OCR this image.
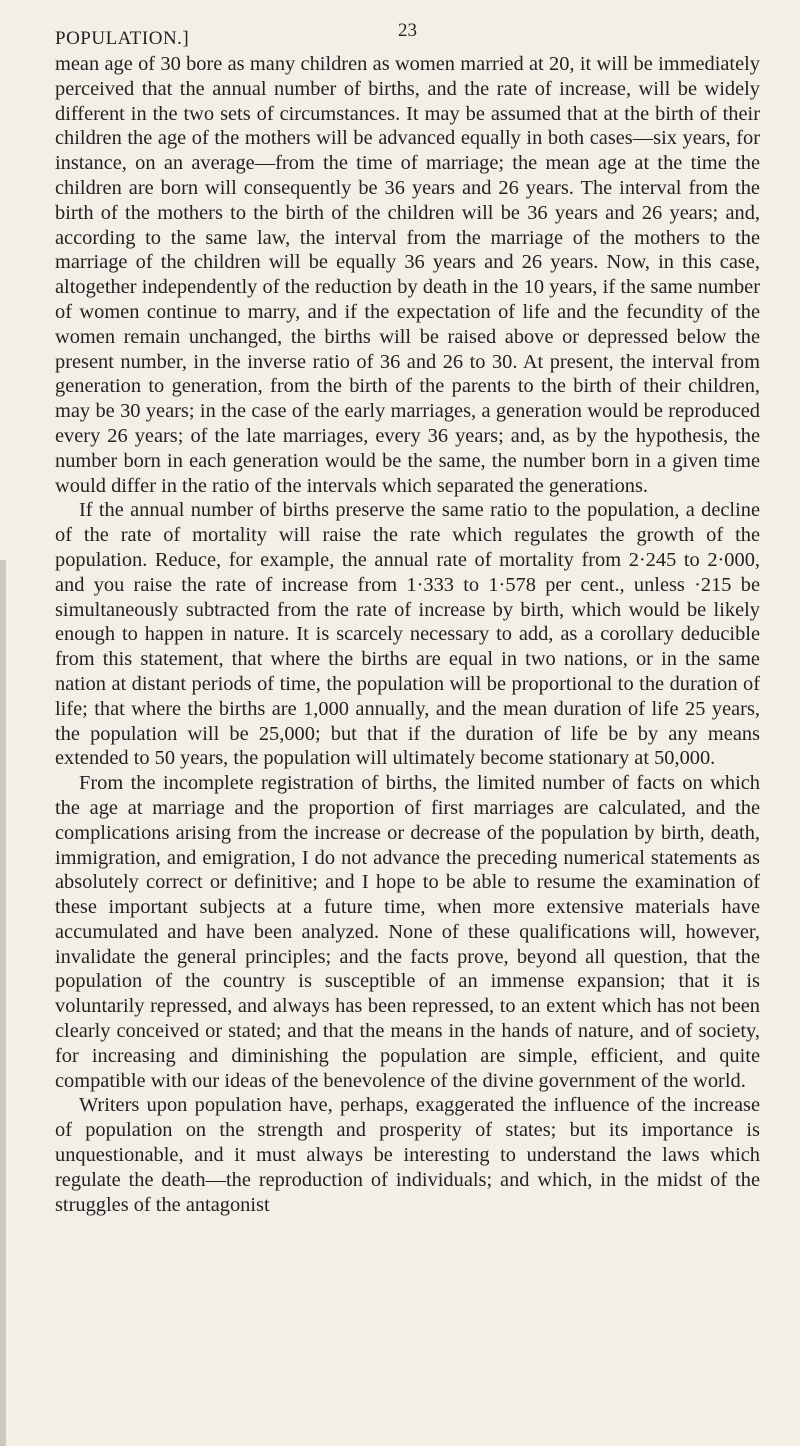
POPULATION.]	23

mean age of 30 bore as many children as women married at 20, it will be immediately perceived that the annual number of births, and the rate of increase, will be widely different in the two sets of circumstances. It may be assumed that at the birth of their children the age of the mothers will be advanced equally in both cases—six years, for instance, on an average—from the time of marriage; the mean age at the time the children are born will consequently be 36 years and 26 years. The interval from the birth of the mothers to the birth of the children will be 36 years and 26 years; and, according to the same law, the interval from the marriage of the mothers to the marriage of the children will be equally 36 years and 26 years. Now, in this case, altogether independently of the reduction by death in the 10 years, if the same number of women continue to marry, and if the expectation of life and the fecundity of the women remain unchanged, the births will be raised above or depressed below the present number, in the inverse ratio of 36 and 26 to 30. At present, the interval from generation to generation, from the birth of the parents to the birth of their children, may be 30 years; in the case of the early marriages, a generation would be reproduced every 26 years; of the late marriages, every 36 years; and, as by the hypothesis, the number born in each generation would be the same, the number born in a given time would differ in the ratio of the intervals which separated the generations.

If the annual number of births preserve the same ratio to the population, a decline of the rate of mortality will raise the rate which regulates the growth of the population. Reduce, for example, the annual rate of mortality from 2·245 to 2·000, and you raise the rate of increase from 1·333 to 1·578 per cent., unless ·215 be simultaneously subtracted from the rate of increase by birth, which would be likely enough to happen in nature. It is scarcely necessary to add, as a corollary deducible from this statement, that where the births are equal in two nations, or in the same nation at distant periods of time, the population will be proportional to the duration of life; that where the births are 1,000 annually, and the mean duration of life 25 years, the population will be 25,000; but that if the duration of life be by any means extended to 50 years, the population will ultimately become stationary at 50,000.

From the incomplete registration of births, the limited number of facts on which the age at marriage and the proportion of first marriages are calculated, and the complications arising from the increase or decrease of the population by birth, death, immigration, and emigration, I do not advance the preceding numerical statements as absolutely correct or definitive; and I hope to be able to resume the examination of these important subjects at a future time, when more extensive materials have accumulated and have been analyzed. None of these qualifications will, however, invalidate the general principles; and the facts prove, beyond all question, that the population of the country is susceptible of an immense expansion; that it is voluntarily repressed, and always has been repressed, to an extent which has not been clearly conceived or stated; and that the means in the hands of nature, and of society, for increasing and diminishing the population are simple, efficient, and quite compatible with our ideas of the benevolence of the divine government of the world.

Writers upon population have, perhaps, exaggerated the influence of the increase of population on the strength and prosperity of states; but its importance is unquestionable, and it must always be interesting to understand the laws which regulate the death—the reproduction of individuals; and which, in the midst of the struggles of the antagonist
